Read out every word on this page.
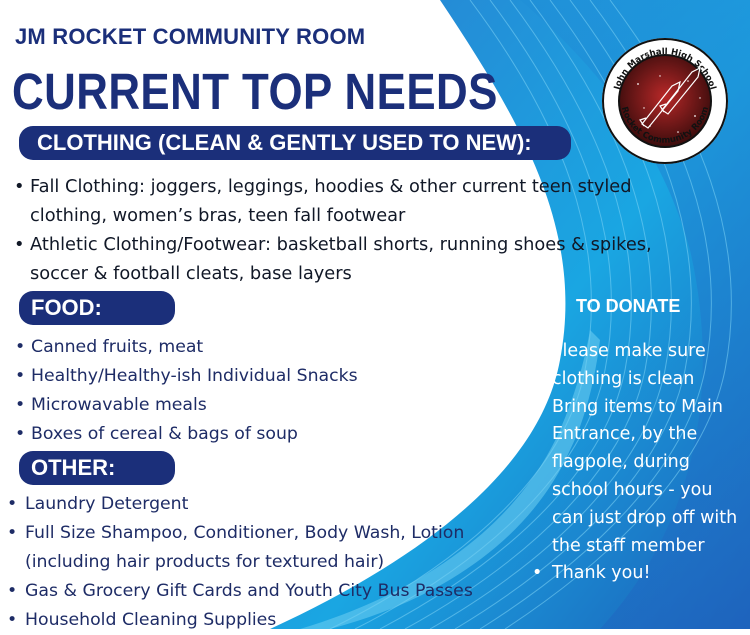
John Marshall High School
Rocket Community Room
JM ROCKET COMMUNITY ROOM
CURRENT TOP NEEDS
CLOTHING (CLEAN & GENTLY USED TO NEW):
• Fall Clothing: joggers, leggings, hoodies & other current teen styled clothing, women’s bras, teen fall footwear
• Athletic Clothing/Footwear: basketball shorts, running shoes & spikes, soccer & football cleats, base layers
FOOD:
• Canned fruits, meat
• Healthy/Healthy-ish Individual Snacks
• Microwavable meals
• Boxes of cereal & bags of soup
OTHER:
• Laundry Detergent
• Full Size Shampoo, Conditioner, Body Wash, Lotion (including hair products for textured hair)
• Gas & Grocery Gift Cards and Youth City Bus Passes
• Household Cleaning Supplies
TO DONATE
• Please make sure clothing is clean
• Bring items to Main Entrance, by the flagpole, during school hours - you can just drop off with the staff member
• Thank you!
